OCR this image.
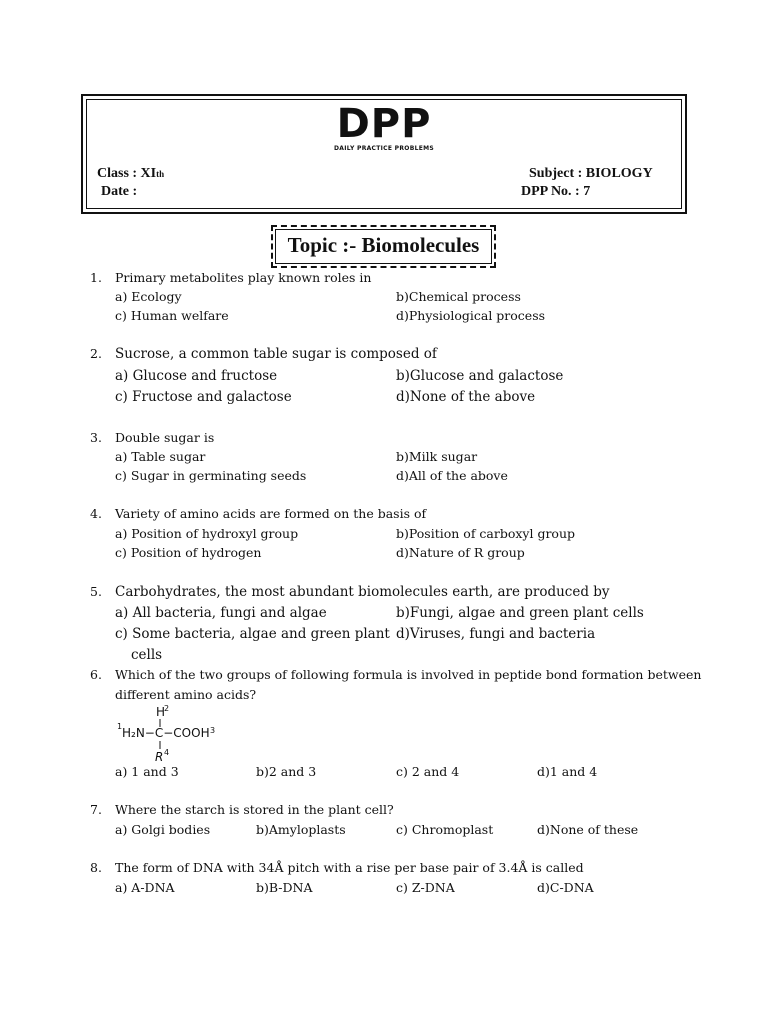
DPP
DAILY PRACTICE PROBLEMS
Class : XIth
Date :
Subject : BIOLOGY
DPP No. : 7
Topic :- Biomolecules
1. Primary metabolites play known roles in
a) Ecology	b)Chemical process
c) Human welfare	d)Physiological process
2. Sucrose, a common table sugar is composed of
a) Glucose and fructose	b)Glucose and galactose
c) Fructose and galactose	d)None of the above
3. Double sugar is
a) Table sugar	b)Milk sugar
c) Sugar in germinating seeds	d)All of the above
4. Variety of amino acids are formed on the basis of
a) Position of hydroxyl group	b)Position of carboxyl group
c) Position of hydrogen	d)Nature of R group
5. Carbohydrates, the most abundant biomolecules earth, are produced by
a) All bacteria, fungi and algae	b)Fungi, algae and green plant cells
c) Some bacteria, algae and green plant d)Viruses, fungi and bacteria
cells
6. Which of the two groups of following formula is involved in peptide bond formation between
different amino acids?
H
2
1 H₂N−C−COOH 3
R 4
a) 1 and 3	b)2 and 3	c) 2 and 4	d)1 and 4
7. Where the starch is stored in the plant cell?
a) Golgi bodies	b)Amyloplasts	c) Chromoplast	d)None of these
8. The form of DNA with 34Å pitch with a rise per base pair of 3.4Å is called
a) A-DNA	b)B-DNA	c) Z-DNA	d)C-DNA
